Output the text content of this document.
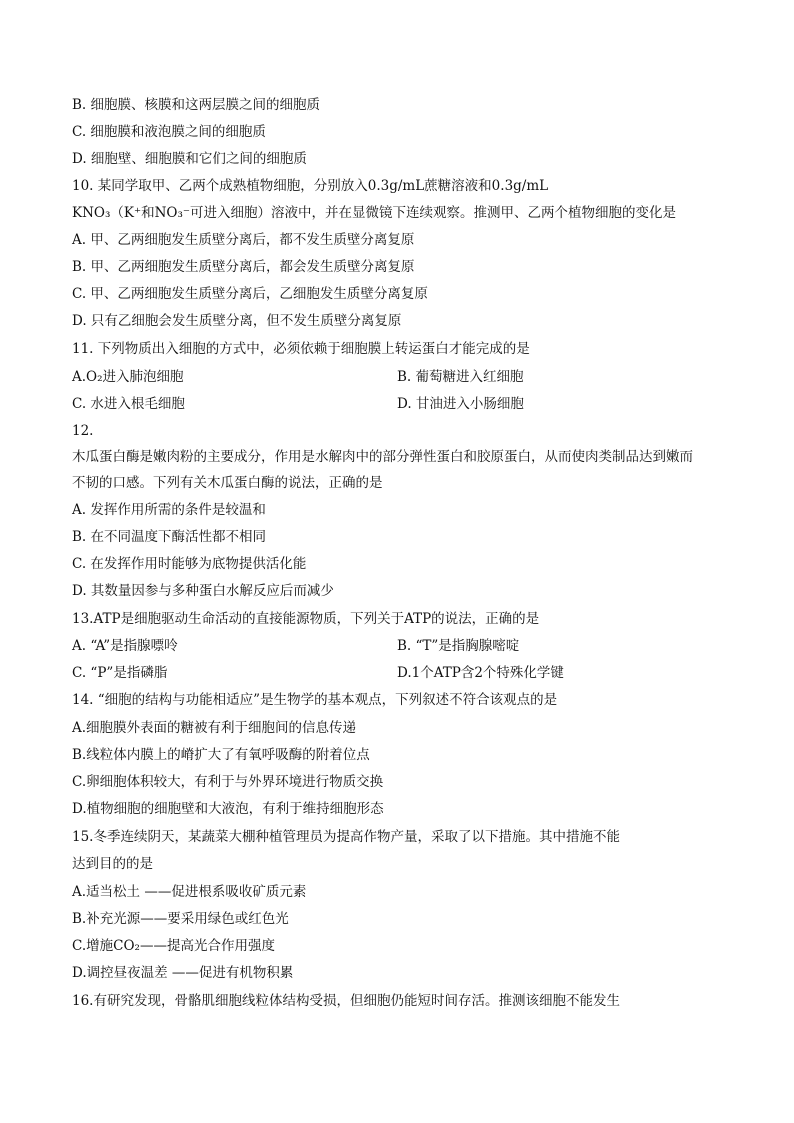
B. 细胞膜、核膜和这两层膜之间的细胞质
C. 细胞膜和液泡膜之间的细胞质
D. 细胞壁、细胞膜和它们之间的细胞质
10. 某同学取甲、乙两个成熟植物细胞，分别放入0.3g/mL蔗糖溶液和0.3g/mL
KNO₃（K⁺和NO₃⁻可进入细胞）溶液中，并在显微镜下连续观察。推测甲、乙两个植物细胞的变化是
A. 甲、乙两细胞发生质壁分离后，都不发生质壁分离复原
B. 甲、乙两细胞发生质壁分离后，都会发生质壁分离复原
C. 甲、乙两细胞发生质壁分离后，乙细胞发生质壁分离复原
D. 只有乙细胞会发生质壁分离，但不发生质壁分离复原
11. 下列物质出入细胞的方式中，必须依赖于细胞膜上转运蛋白才能完成的是
A.O₂进入肺泡细胞	B. 葡萄糖进入红细胞
C. 水进入根毛细胞	D. 甘油进入小肠细胞
12.
木瓜蛋白酶是嫩肉粉的主要成分，作用是水解肉中的部分弹性蛋白和胶原蛋白，从而使肉类制品达到嫩而
不韧的口感。下列有关木瓜蛋白酶的说法，正确的是
A. 发挥作用所需的条件是较温和
B. 在不同温度下酶活性都不相同
C. 在发挥作用时能够为底物提供活化能
D. 其数量因参与多种蛋白水解反应后而减少
13.ATP是细胞驱动生命活动的直接能源物质，下列关于ATP的说法，正确的是
A. “A”是指腺嘌呤	B. “T”是指胸腺嘧啶
C. “P”是指磷脂	D.1个ATP含2个特殊化学键
14. “细胞的结构与功能相适应”是生物学的基本观点，下列叙述不符合该观点的是
A.细胞膜外表面的糖被有利于细胞间的信息传递
B.线粒体内膜上的嵴扩大了有氧呼吸酶的附着位点
C.卵细胞体积较大，有利于与外界环境进行物质交换
D.植物细胞的细胞壁和大液泡，有利于维持细胞形态
15.冬季连续阴天，某蔬菜大棚种植管理员为提高作物产量，采取了以下措施。其中措施不能
达到目的的是
A.适当松土 ——促进根系吸收矿质元素
B.补充光源——要采用绿色或红色光
C.增施CO₂——提高光合作用强度
D.调控昼夜温差 ——促进有机物积累
16.有研究发现，骨骼肌细胞线粒体结构受损，但细胞仍能短时间存活。推测该细胞不能发生
